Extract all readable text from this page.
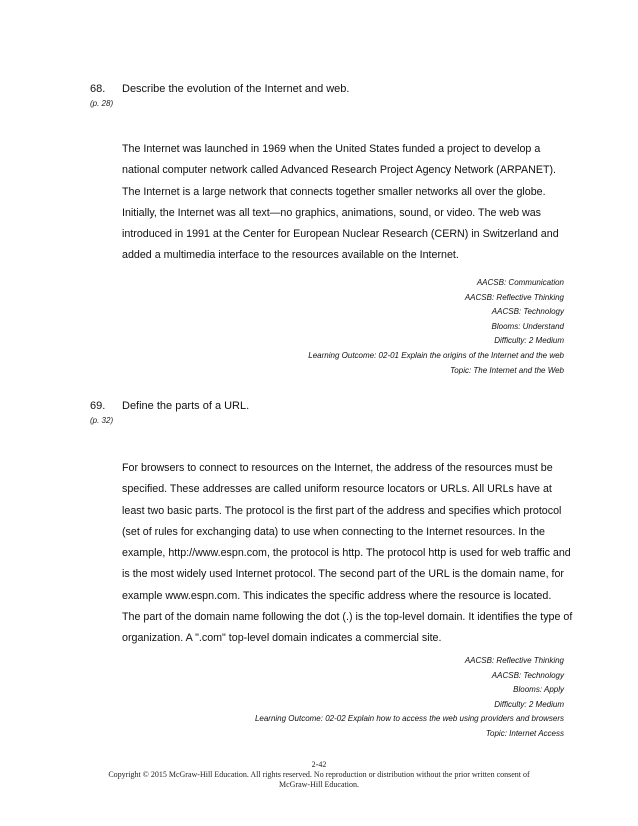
68.	Describe the evolution of the Internet and web.
(p. 28)
The Internet was launched in 1969 when the United States funded a project to develop a
national computer network called Advanced Research Project Agency Network (ARPANET).
The Internet is a large network that connects together smaller networks all over the globe.
Initially, the Internet was all text—no graphics, animations, sound, or video. The web was
introduced in 1991 at the Center for European Nuclear Research (CERN) in Switzerland and
added a multimedia interface to the resources available on the Internet.
AACSB: Communication
AACSB: Reflective Thinking
AACSB: Technology
Blooms: Understand
Difficulty: 2 Medium
Learning Outcome: 02-01 Explain the origins of the Internet and the web
Topic: The Internet and the Web
69.	Define the parts of a URL.
(p. 32)
For browsers to connect to resources on the Internet, the address of the resources must be
specified. These addresses are called uniform resource locators or URLs. All URLs have at
least two basic parts. The protocol is the first part of the address and specifies which protocol
(set of rules for exchanging data) to use when connecting to the Internet resources. In the
example, http://www.espn.com, the protocol is http. The protocol http is used for web traffic and
is the most widely used Internet protocol. The second part of the URL is the domain name, for
example www.espn.com. This indicates the specific address where the resource is located.
The part of the domain name following the dot (.) is the top-level domain. It identifies the type of
organization. A ".com" top-level domain indicates a commercial site.
AACSB: Reflective Thinking
AACSB: Technology
Blooms: Apply
Difficulty: 2 Medium
Learning Outcome: 02-02 Explain how to access the web using providers and browsers
Topic: Internet Access
2-42
Copyright © 2015 McGraw-Hill Education. All rights reserved. No reproduction or distribution without the prior written consent of
McGraw-Hill Education.
